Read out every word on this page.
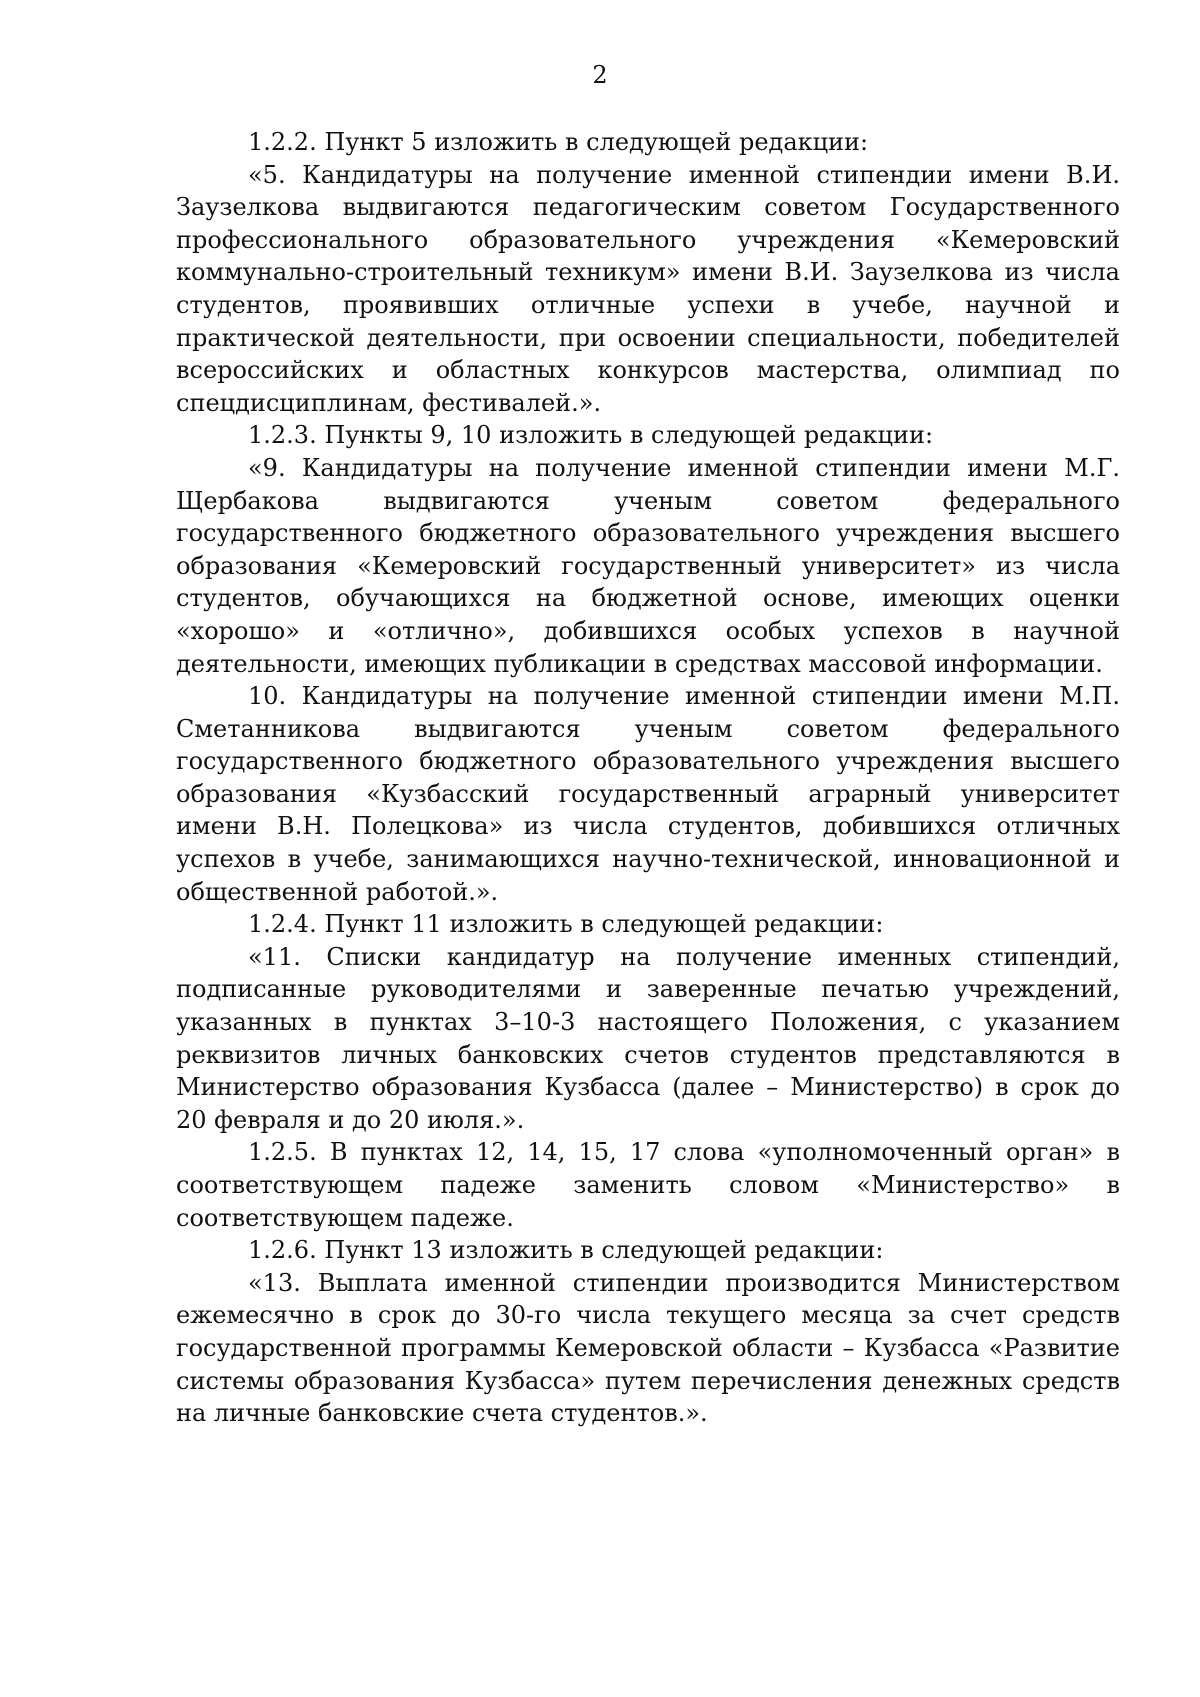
2

1.2.2. Пункт 5 изложить в следующей редакции:

«5. Кандидатуры на получение именной стипендии имени В.И. Заузелкова выдвигаются педагогическим советом Государственного профессионального образовательного учреждения «Кемеровский коммунально-строительный техникум» имени В.И. Заузелкова из числа студентов, проявивших отличные успехи в учебе, научной и практической деятельности, при освоении специальности, победителей всероссийских и областных конкурсов мастерства, олимпиад по спецдисциплинам, фестивалей.».

1.2.3. Пункты 9, 10 изложить в следующей редакции:

«9. Кандидатуры на получение именной стипендии имени М.Г. Щербакова выдвигаются ученым советом федерального государственного бюджетного образовательного учреждения высшего образования «Кемеровский государственный университет» из числа студентов, обучающихся на бюджетной основе, имеющих оценки «хорошо» и «отлично», добившихся особых успехов в научной деятельности, имеющих публикации в средствах массовой информации.

10. Кандидатуры на получение именной стипендии имени М.П. Сметанникова выдвигаются ученым советом федерального государственного бюджетного образовательного учреждения высшего образования «Кузбасский государственный аграрный университет имени В.Н. Полецкова» из числа студентов, добившихся отличных успехов в учебе, занимающихся научно-технической, инновационной и общественной работой.».

1.2.4. Пункт 11 изложить в следующей редакции:

«11. Списки кандидатур на получение именных стипендий, подписанные руководителями и заверенные печатью учреждений, указанных в пунктах 3–10-3 настоящего Положения, с указанием реквизитов личных банковских счетов студентов представляются в Министерство образования Кузбасса (далее – Министерство) в срок до 20 февраля и до 20 июля.».

1.2.5. В пунктах 12, 14, 15, 17 слова «уполномоченный орган» в соответствующем падеже заменить словом «Министерство» в соответствующем падеже.

1.2.6. Пункт 13 изложить в следующей редакции:

«13. Выплата именной стипендии производится Министерством ежемесячно в срок до 30-го числа текущего месяца за счет средств государственной программы Кемеровской области – Кузбасса «Развитие системы образования Кузбасса» путем перечисления денежных средств на личные банковские счета студентов.».
